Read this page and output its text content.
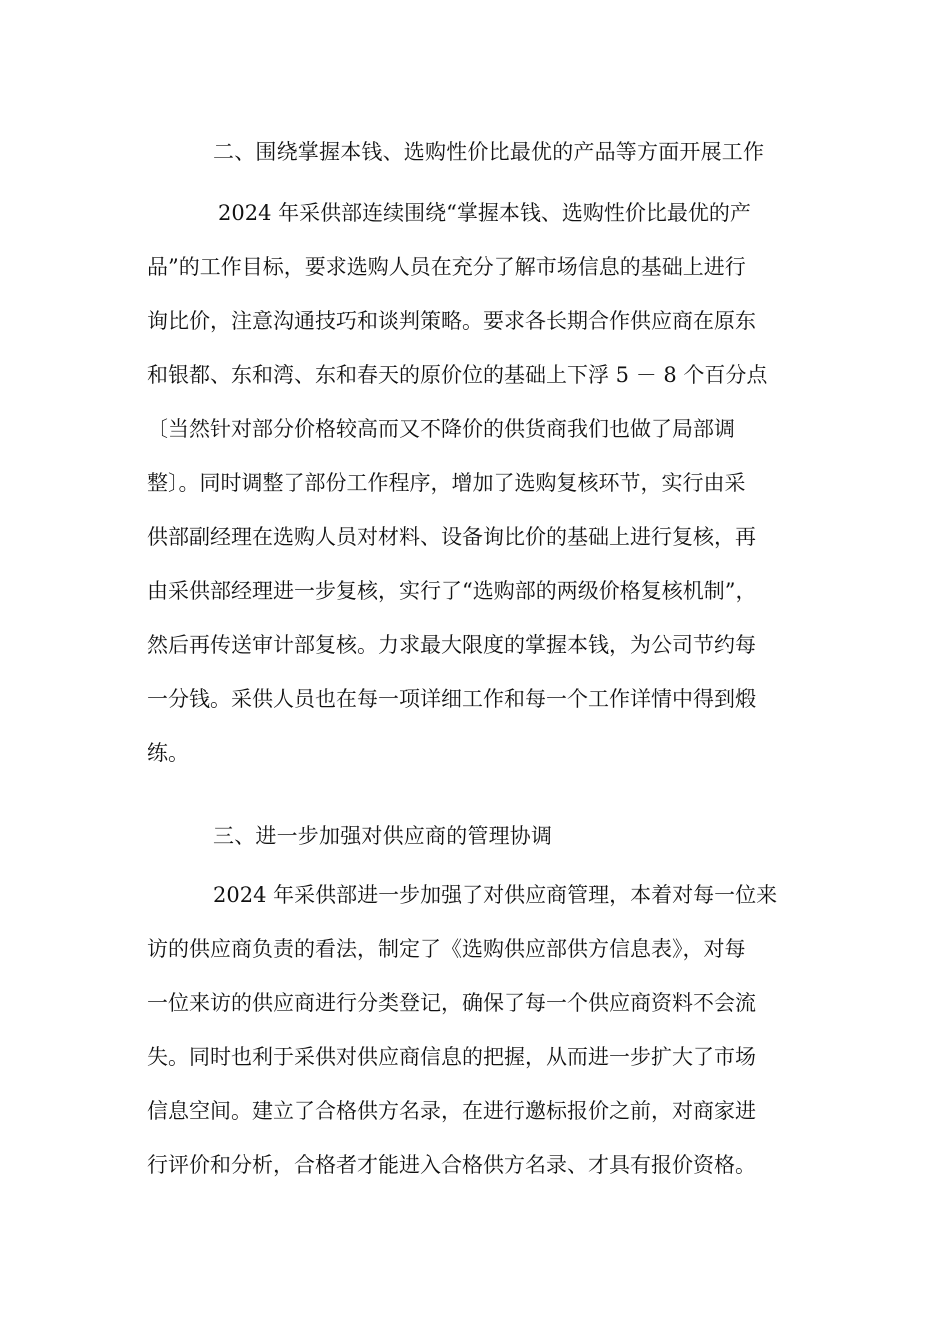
二、围绕掌握本钱、选购性价比最优的产品等方面开展工作
2024 年采供部连续围绕“掌握本钱、选购性价比最优的产
品”的工作目标，要求选购人员在充分了解市场信息的基础上进行
询比价，注意沟通技巧和谈判策略。要求各长期合作供应商在原东
和银都、东和湾、东和春天的原价位的基础上下浮 5 － 8 个百分点
〔当然针对部分价格较高而又不降价的供货商我们也做了局部调
整〕。同时调整了部份工作程序，增加了选购复核环节，实行由采
供部副经理在选购人员对材料、设备询比价的基础上进行复核，再
由采供部经理进一步复核，实行了“选购部的两级价格复核机制”，
然后再传送审计部复核。力求最大限度的掌握本钱，为公司节约每
一分钱。采供人员也在每一项详细工作和每一个工作详情中得到煅
练。
三、进一步加强对供应商的管理协调
2024 年采供部进一步加强了对供应商管理，本着对每一位来
访的供应商负责的看法，制定了《选购供应部供方信息表》，对每
一位来访的供应商进行分类登记，确保了每一个供应商资料不会流
失。同时也利于采供对供应商信息的把握，从而进一步扩大了市场
信息空间。建立了合格供方名录，在进行邀标报价之前，对商家进
行评价和分析，合格者才能进入合格供方名录、才具有报价资格。
